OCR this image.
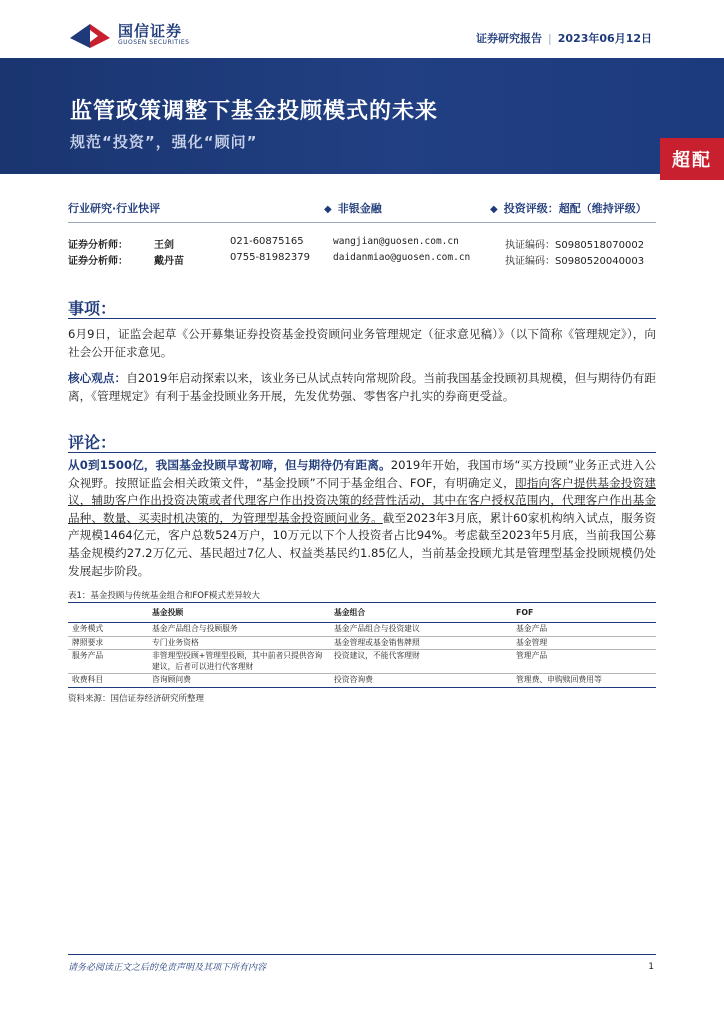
国信证券
GUOSEN SECURITIES	证券研究报告 | 2023年06月12日
监管政策调整下基金投顾模式的未来
规范“投资”，强化“顾问”
超配
行业研究·行业快评	◆ 非银金融	◆ 投资评级：超配（维持评级）
证券分析师：	王剑	021-60875165	wangjian@guosen.com.cn	执证编码：S0980518070002
证券分析师：	戴丹苗	0755-81982379 daidanmiao@guosen.com.cn	执证编码：S0980520040003
事项：
6月9日，证监会起草《公开募集证券投资基金投资顾问业务管理规定（征求意见稿）》（以下简称《管理规定》），向社会公开征求意见。
核心观点：自2019年启动探索以来，该业务已从试点转向常规阶段。当前我国基金投顾初具规模，但与期待仍有距离，《管理规定》有利于基金投顾业务开展，先发优势强、零售客户扎实的券商更受益。
评论：
从0到1500亿，我国基金投顾早莺初啼，但与期待仍有距离。2019年开始，我国市场“买方投顾”业务正式进入公众视野。按照证监会相关政策文件，“基金投顾”不同于基金组合、FOF，有明确定义，即指向客户提供基金投资建议，辅助客户作出投资决策或者代理客户作出投资决策的经营性活动，其中在客户授权范围内，代理客户作出基金品种、数量、买卖时机决策的，为管理型基金投资顾问业务。截至2023年3月底，累计60家机构纳入试点，服务资产规模1464亿元，客户总数524万户，10万元以下个人投资者占比94%。考虑截至2023年5月底，当前我国公募基金规模约27.2万亿元、基民超过7亿人、权益类基民约1.85亿人，当前基金投顾尤其是管理型基金投顾规模仍处发展起步阶段。
表1：基金投顾与传统基金组合和FOF模式差异较大
	基金投顾	基金组合	FOF
业务模式	基金产品组合与投顾服务	基金产品组合与投资建议	基金产品
牌照要求	专门业务资格	基金管理或基金销售牌照	基金管理
服务产品	非管理型投顾+管理型投顾，其中前者只提供咨询建议，后者可以进行代客理财	投资建议，不能代客理财	管理产品
收费科目	咨询顾问费	投资咨询费	管理费、申购赎回费用等
资料来源：国信证券经济研究所整理
请务必阅读正文之后的免责声明及其项下所有内容	1
